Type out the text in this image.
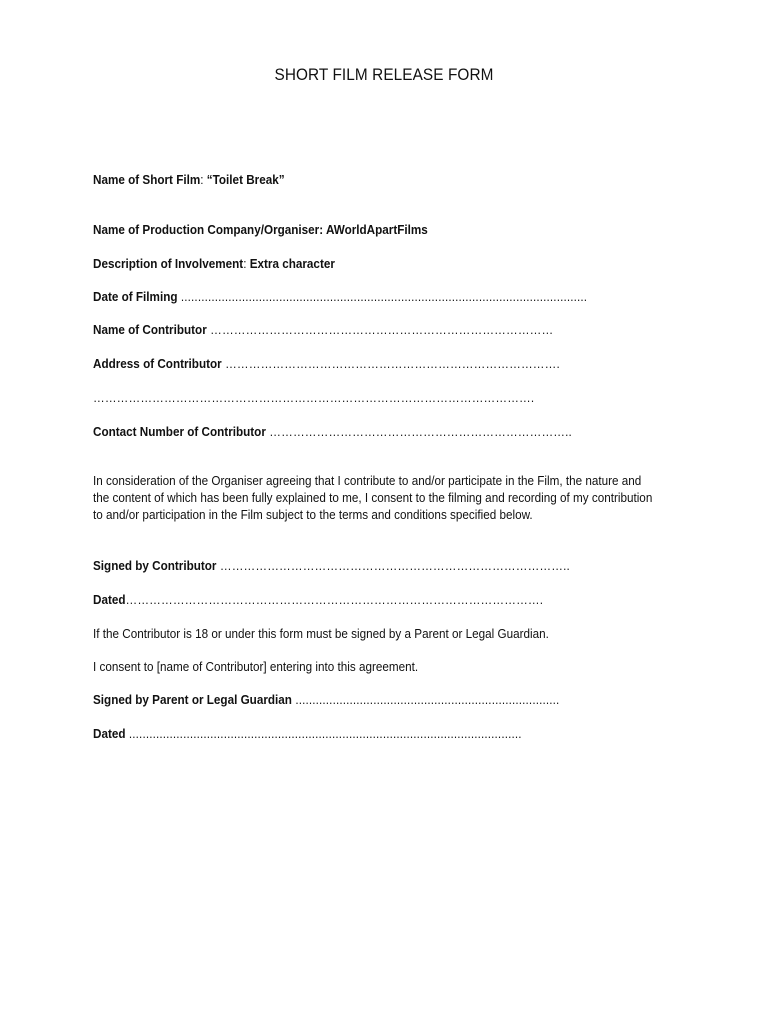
SHORT FILM RELEASE FORM
Name of Short Film: “Toilet Break”
Name of Production Company/Organiser: AWorldApartFilms
Description of Involvement: Extra character
Date of Filming ........................................................................................................................
Name of Contributor ……………………………………………………………………………
Address of Contributor ………………………………………………………………………….
………………………………………………………………………………………………….
Contact Number of Contributor …………………………………………………………………..
In consideration of the Organiser agreeing that I contribute to and/or participate in the Film, the nature and the content of which has been fully explained to me, I consent to the filming and recording of my contribution to and/or participation in the Film subject to the terms and conditions specified below.
Signed by Contributor ……………………………………………………………………………..
Dated…………………………………………………………………………………………….
If the Contributor is 18 or under this form must be signed by a Parent or Legal Guardian.
I consent to [name of Contributor] entering into this agreement.
Signed by Parent or Legal Guardian ..............................................................................
Dated ....................................................................................................................
